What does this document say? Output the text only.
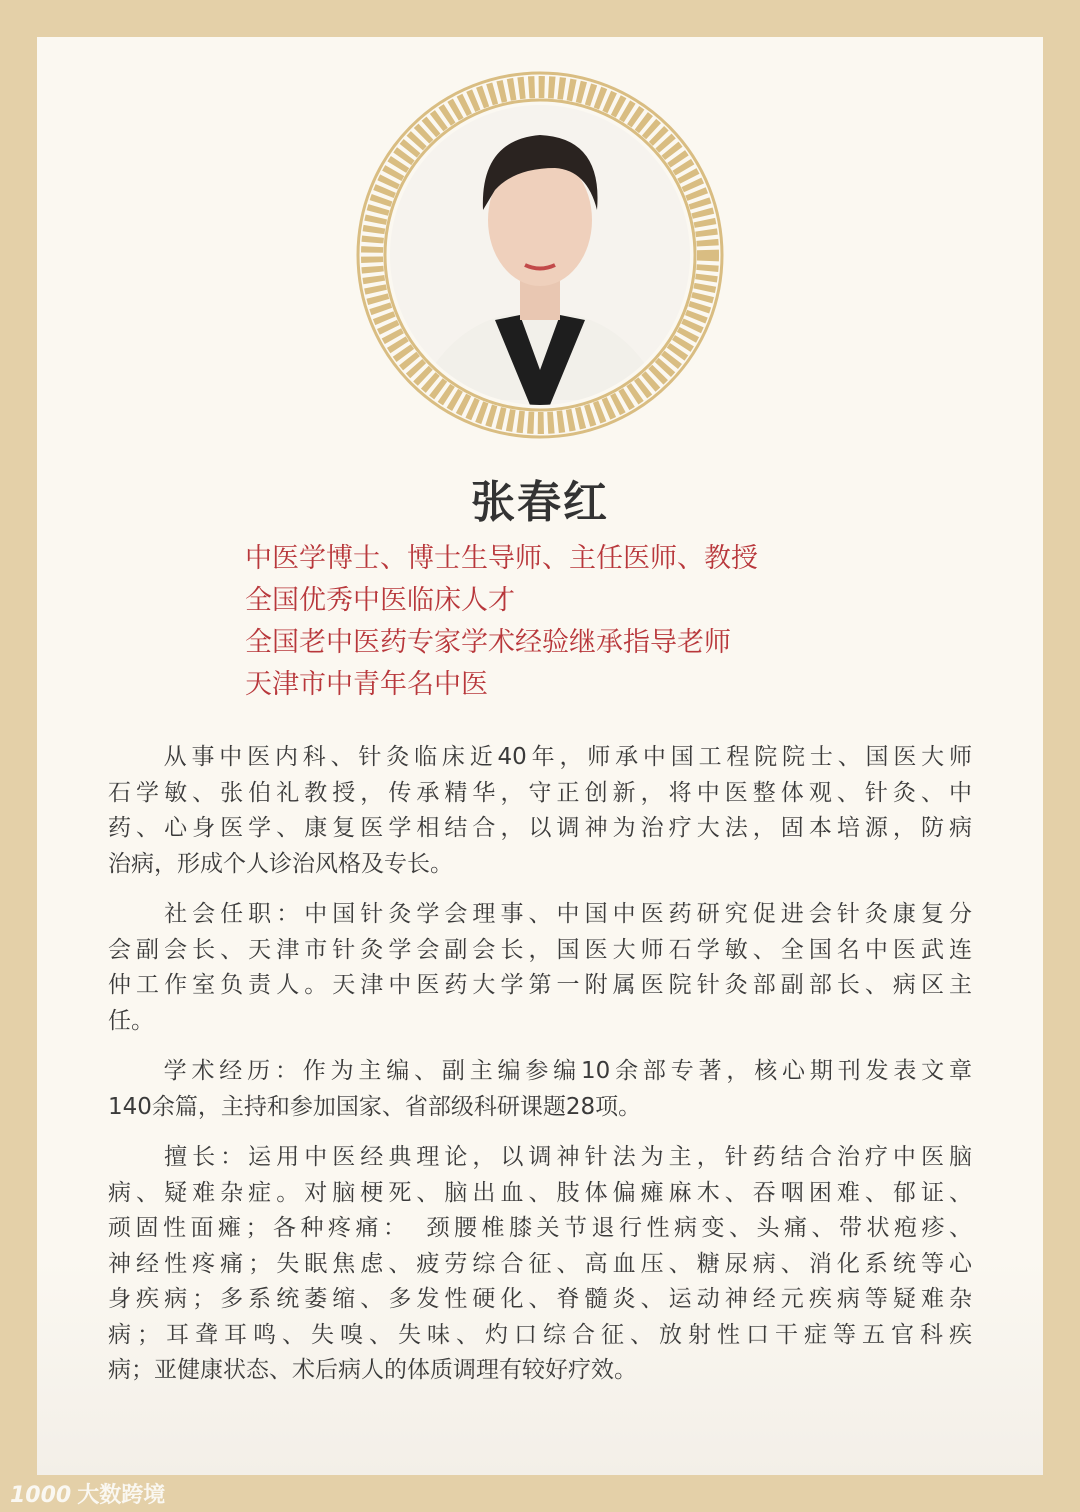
张春红
中医学博士、博士生导师、主任医师、教授
全国优秀中医临床人才
全国老中医药专家学术经验继承指导老师
天津市中青年名中医
　　从事中医内科、针灸临床近40年，师承中国工程院院士、国医大师
石学敏、张伯礼教授，传承精华，守正创新，将中医整体观、针灸、中
药、心身医学、康复医学相结合，以调神为治疗大法，固本培源，防病
治病，形成个人诊治风格及专长。
　　社会任职：中国针灸学会理事、中国中医药研究促进会针灸康复分
会副会长、天津市针灸学会副会长，国医大师石学敏、全国名中医武连
仲工作室负责人。天津中医药大学第一附属医院针灸部副部长、病区主
任。
　　学术经历：作为主编、副主编参编10余部专著，核心期刊发表文章
140余篇，主持和参加国家、省部级科研课题28项。
　　擅长：运用中医经典理论，以调神针法为主，针药结合治疗中医脑
病、疑难杂症。对脑梗死、脑出血、肢体偏瘫麻木、吞咽困难、郁证、
顽固性面瘫；各种疼痛：　颈腰椎膝关节退行性病变、头痛、带状疱疹、
神经性疼痛；失眠焦虑、疲劳综合征、高血压、糖尿病、消化系统等心
身疾病；多系统萎缩、多发性硬化、脊髓炎、运动神经元疾病等疑难杂
病；耳聋耳鸣、失嗅、失味、灼口综合征、放射性口干症等五官科疾
病；亚健康状态、术后病人的体质调理有较好疗效。
1000 大数跨境
